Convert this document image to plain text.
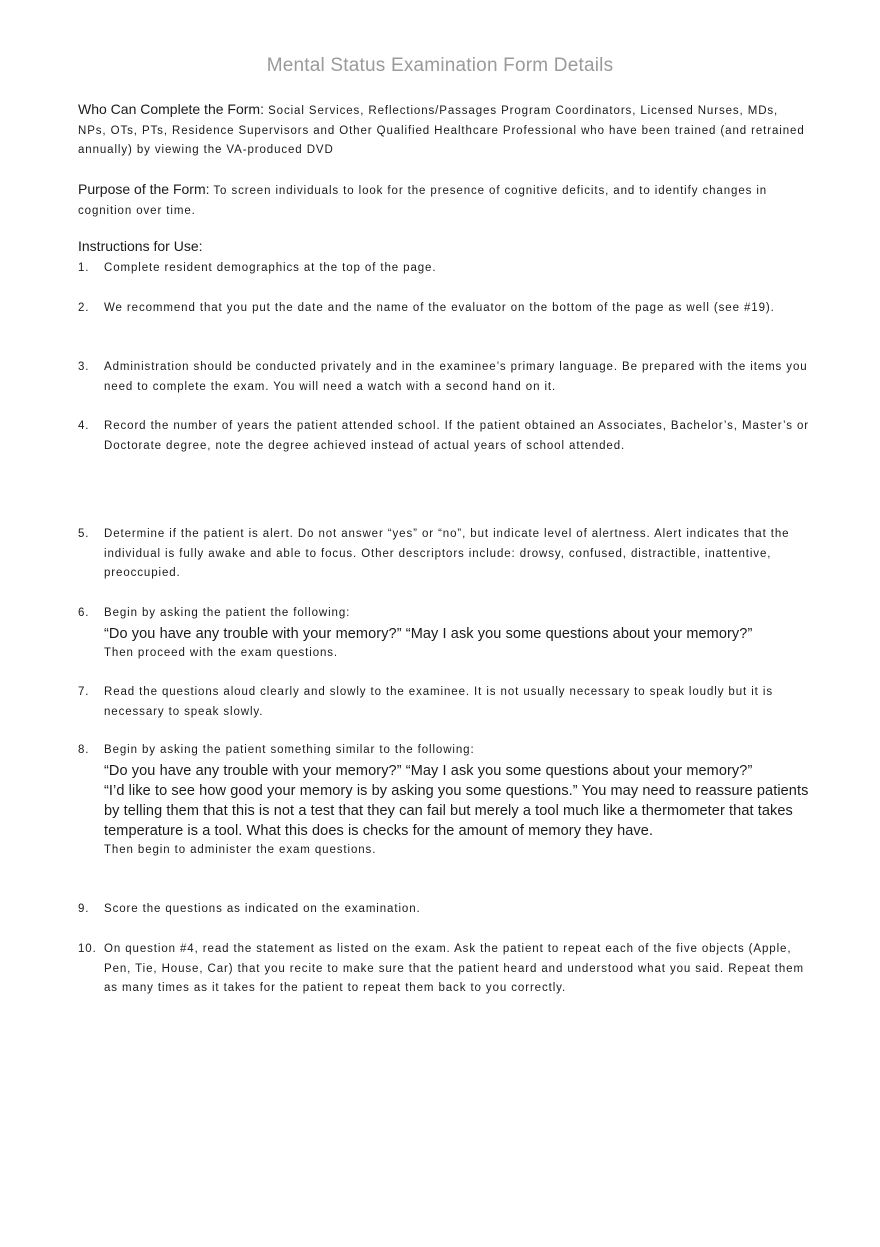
Mental Status Examination Form Details
Who Can Complete the Form: Social Services, Reflections/Passages Program Coordinators, Licensed Nurses, MDs, NPs, OTs, PTs, Residence Supervisors and Other Qualified Healthcare Professional who have been trained (and retrained annually) by viewing the VA-produced DVD
Purpose of the Form: To screen individuals to look for the presence of cognitive deficits, and to identify changes in cognition over time.
Instructions for Use:
1.	Complete resident demographics at the top of the page.
2.	We recommend that you put the date and the name of the evaluator on the bottom of the page as well (see #19).
3.	Administration should be conducted privately and in the examinee’s primary language. Be prepared with the items you need to complete the exam. You will need a watch with a second hand on it.
4.	Record the number of years the patient attended school. If the patient obtained an Associates, Bachelor’s, Master’s or Doctorate degree, note the degree achieved instead of actual years of school attended.
5.	Determine if the patient is alert. Do not answer “yes” or “no”, but indicate level of alertness. Alert indicates that the individual is fully awake and able to focus. Other descriptors include: drowsy, confused, distractible, inattentive, preoccupied.
6.	Begin by asking the patient the following:
“Do you have any trouble with your memory?” “May I ask you some questions about your memory?”
Then proceed with the exam questions.
7.	Read the questions aloud clearly and slowly to the examinee. It is not usually necessary to speak loudly but it is necessary to speak slowly.
8.	Begin by asking the patient something similar to the following:
“Do you have any trouble with your memory?” “May I ask you some questions about your memory?”
“I’d like to see how good your memory is by asking you some questions.” You may need to reassure patients by telling them that this is not a test that they can fail but merely a tool much like a thermometer that takes temperature is a tool. What this does is checks for the amount of memory they have.
Then begin to administer the exam questions.
9.	Score the questions as indicated on the examination.
10. On question #4, read the statement as listed on the exam. Ask the patient to repeat each of the five objects (Apple, Pen, Tie, House, Car) that you recite to make sure that the patient heard and understood what you said. Repeat them as many times as it takes for the patient to repeat them back to you correctly.
